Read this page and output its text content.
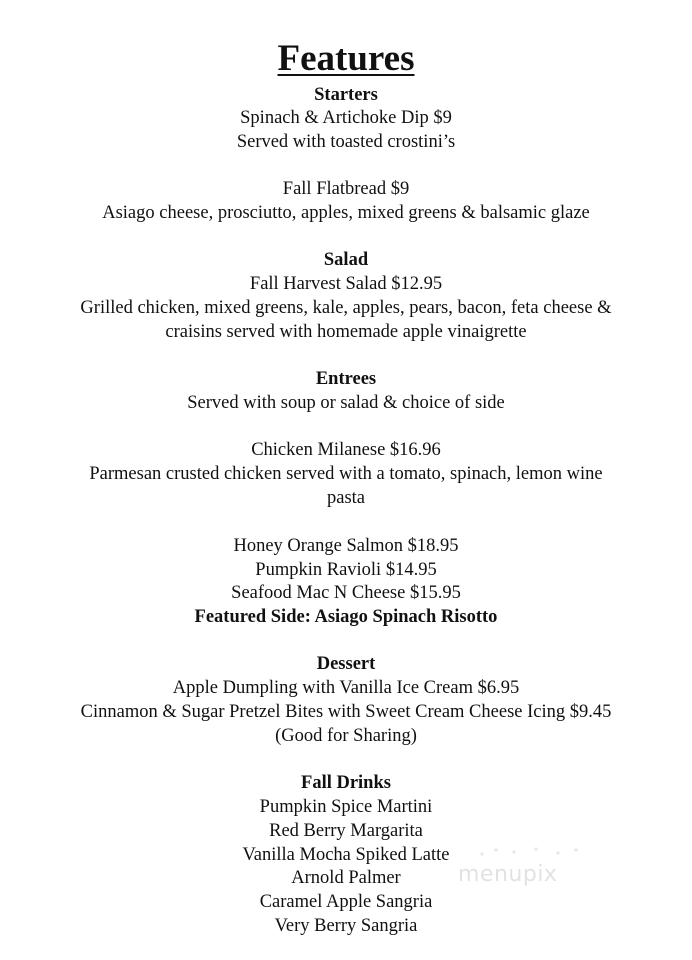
Features
Starters
Spinach & Artichoke Dip $9
Served with toasted crostini’s
Fall Flatbread $9
Asiago cheese, prosciutto, apples, mixed greens & balsamic glaze
Salad
Fall Harvest Salad $12.95
Grilled chicken, mixed greens, kale, apples, pears, bacon, feta cheese &
craisins served with homemade apple vinaigrette
Entrees
Served with soup or salad & choice of side
Chicken Milanese $16.96
Parmesan crusted chicken served with a tomato, spinach, lemon wine
pasta
Honey Orange Salmon $18.95
Pumpkin Ravioli $14.95
Seafood Mac N Cheese $15.95
Featured Side: Asiago Spinach Risotto
Dessert
Apple Dumpling with Vanilla Ice Cream $6.95
Cinnamon & Sugar Pretzel Bites with Sweet Cream Cheese Icing $9.45
(Good for Sharing)
Fall Drinks
Pumpkin Spice Martini
Red Berry Margarita
Vanilla Mocha Spiked Latte
Arnold Palmer
Caramel Apple Sangria
Very Berry Sangria
menupix
